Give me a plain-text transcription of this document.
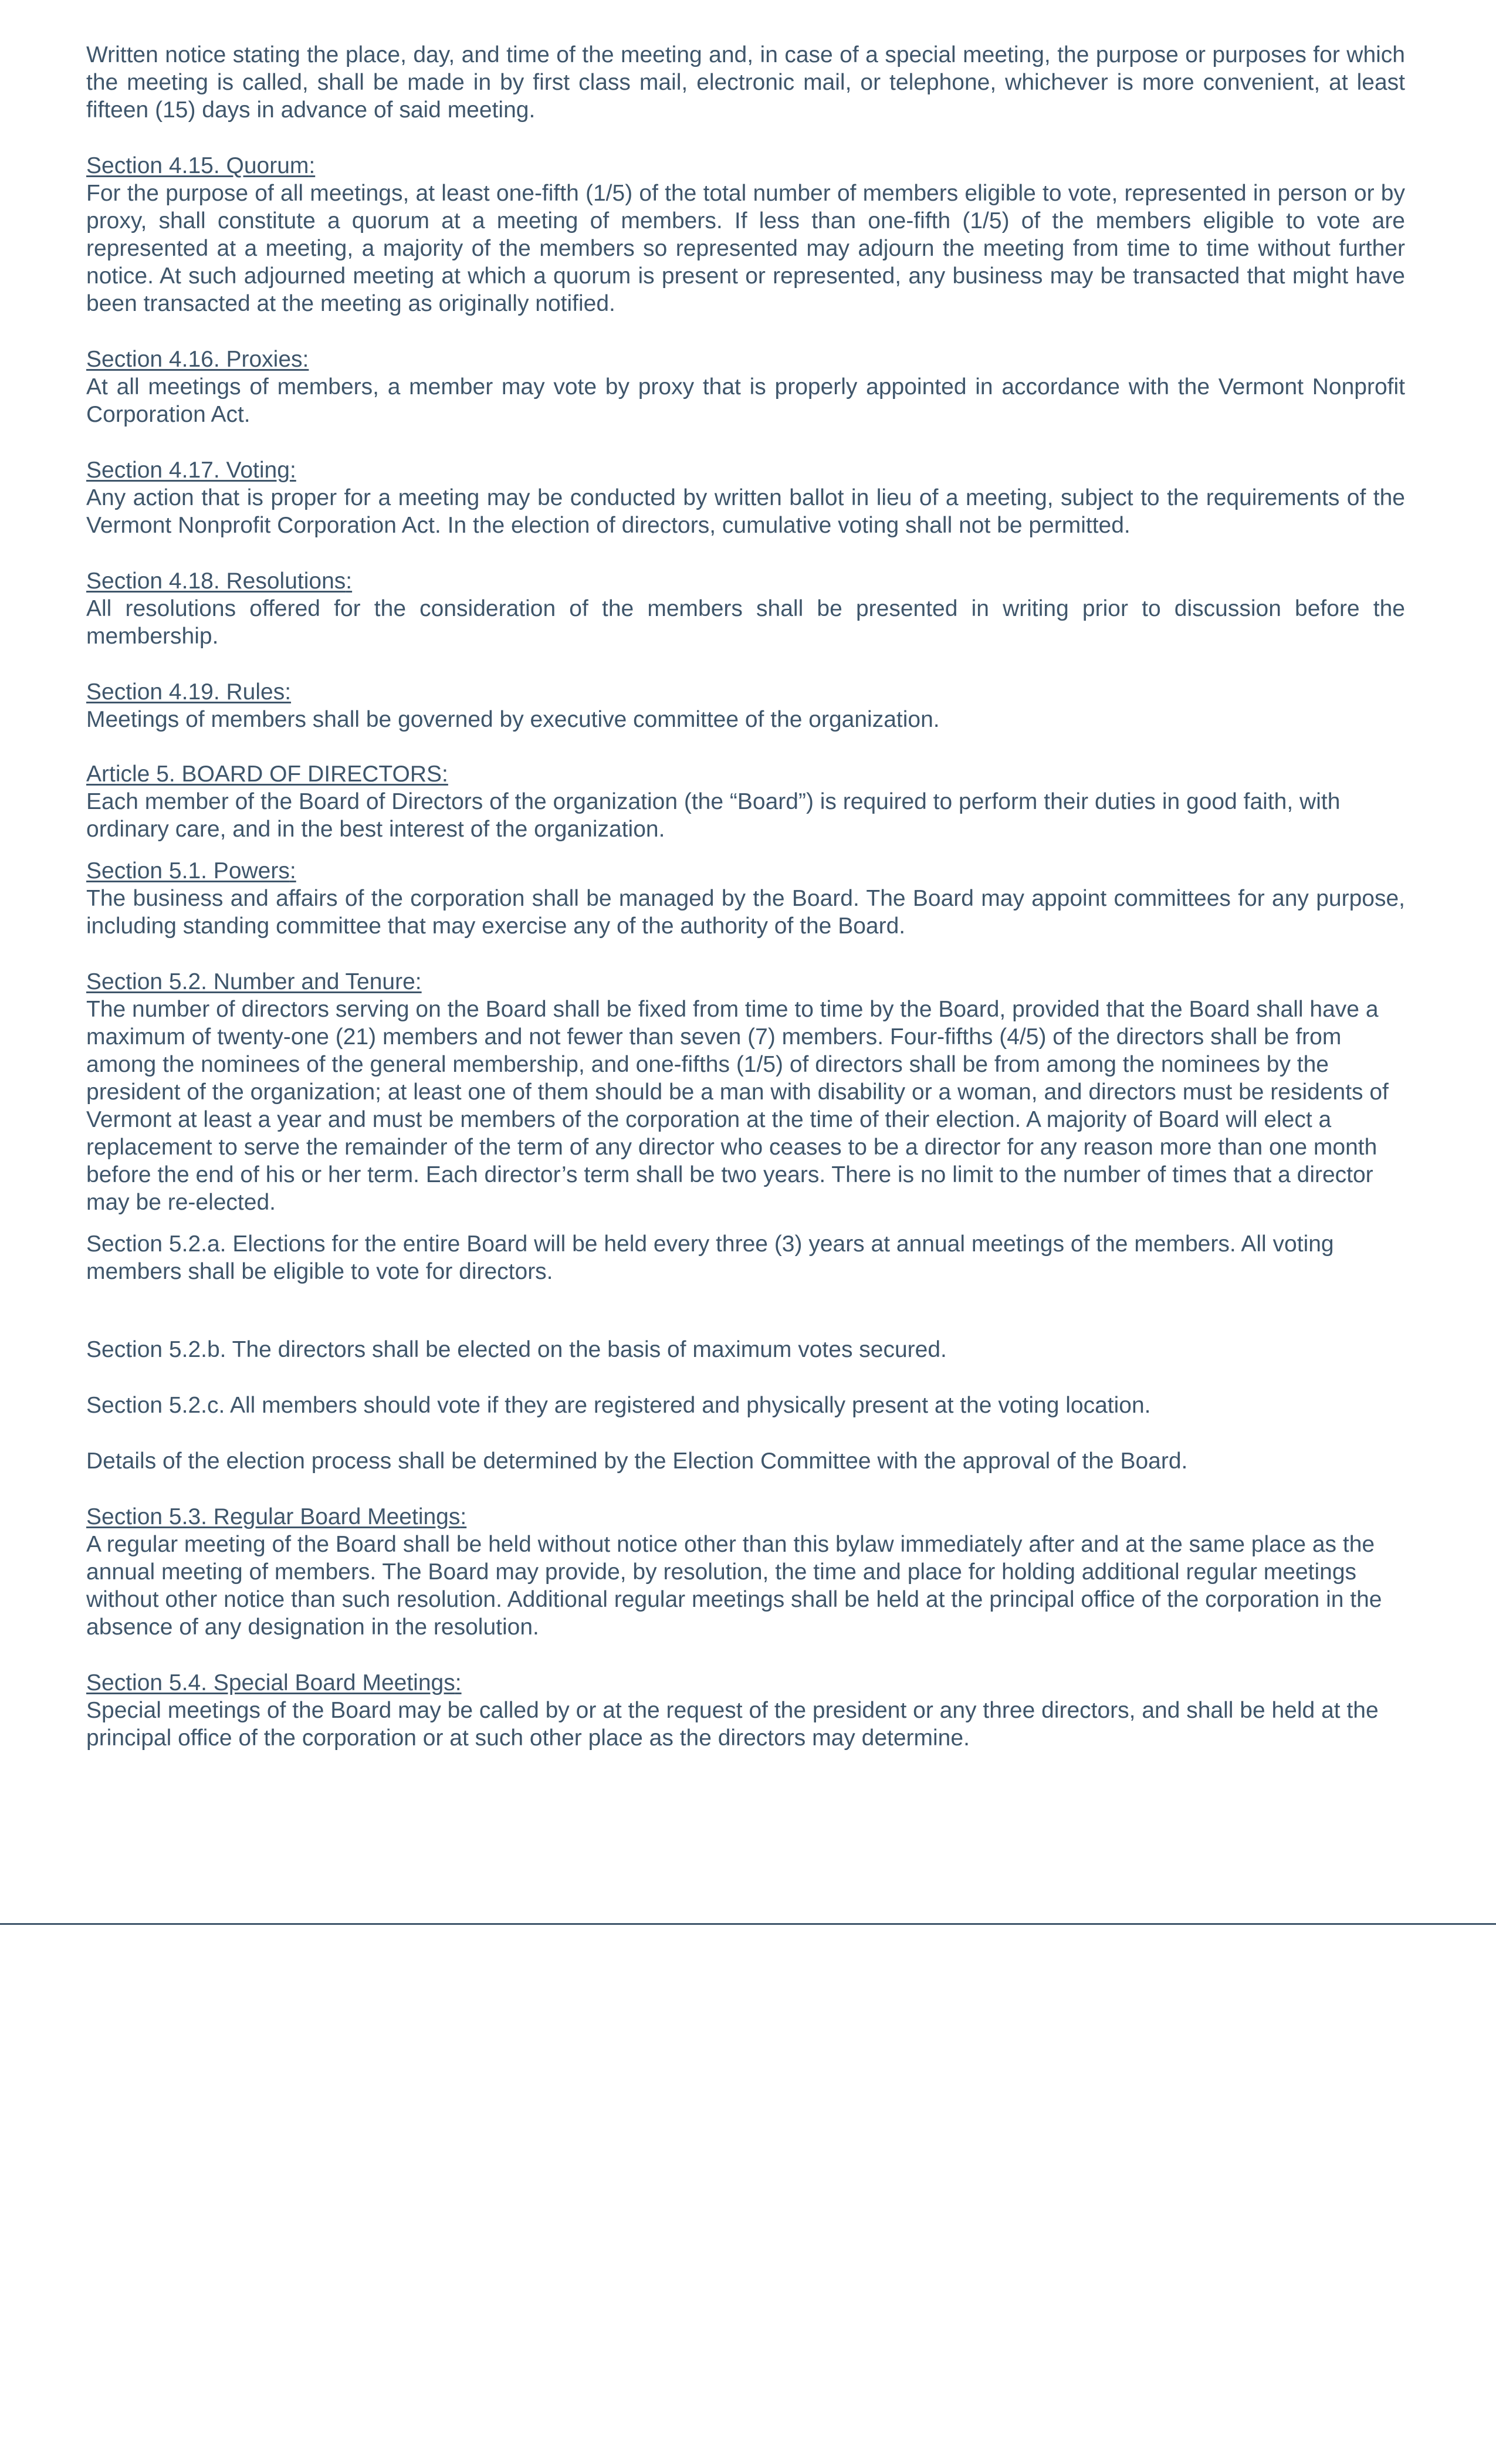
Written notice stating the place, day, and time of the meeting and, in case of a special meeting, the purpose or purposes for which the meeting is called, shall be made in by first class mail, electronic mail, or telephone, whichever is more convenient, at least fifteen (15) days in advance of said meeting.

Section 4.15. Quorum:

For the purpose of all meetings, at least one-fifth (1/5) of the total number of members eligible to vote, represented in person or by proxy, shall constitute a quorum at a meeting of members. If less than one-fifth (1/5) of the members eligible to vote are represented at a meeting, a majority of the members so represented may adjourn the meeting from time to time without further notice. At such adjourned meeting at which a quorum is present or represented, any business may be transacted that might have been transacted at the meeting as originally notified.

Section 4.16. Proxies:

At all meetings of members, a member may vote by proxy that is properly appointed in accordance with the Vermont Nonprofit Corporation Act.

Section 4.17. Voting:

Any action that is proper for a meeting may be conducted by written ballot in lieu of a meeting, subject to the requirements of the Vermont Nonprofit Corporation Act. In the election of directors, cumulative voting shall not be permitted.

Section 4.18. Resolutions:

All resolutions offered for the consideration of the members shall be presented in writing prior to discussion before the membership.

Section 4.19. Rules:

Meetings of members shall be governed by executive committee of the organization.

Article 5. BOARD OF DIRECTORS:

Each member of the Board of Directors of the organization (the “Board”) is required to perform their duties in good faith, with ordinary care, and in the best interest of the organization.

Section 5.1. Powers:

The business and affairs of the corporation shall be managed by the Board. The Board may appoint committees for any purpose, including standing committee that may exercise any of the authority of the Board.

Section 5.2. Number and Tenure:

The number of directors serving on the Board shall be fixed from time to time by the Board, provided that the Board shall have a maximum of twenty-one (21) members and not fewer than seven (7) members. Four-fifths (4/5) of the directors shall be from among the nominees of the general membership, and one-fifths (1/5) of directors shall be from among the nominees by the president of the organization; at least one of them should be a man with disability or a woman, and directors must be residents of Vermont at least a year and must be members of the corporation at the time of their election. A majority of Board will elect a replacement to serve the remainder of the term of any director who ceases to be a director for any reason more than one month before the end of his or her term. Each director’s term shall be two years. There is no limit to the number of times that a director may be re-elected.

Section 5.2.a. Elections for the entire Board will be held every three (3) years at annual meetings of the members. All voting members shall be eligible to vote for directors.

Section 5.2.b. The directors shall be elected on the basis of maximum votes secured.

Section 5.2.c. All members should vote if they are registered and physically present at the voting location.

Details of the election process shall be determined by the Election Committee with the approval of the Board.

Section 5.3. Regular Board Meetings:

A regular meeting of the Board shall be held without notice other than this bylaw immediately after and at the same place as the annual meeting of members. The Board may provide, by resolution, the time and place for holding additional regular meetings without other notice than such resolution. Additional regular meetings shall be held at the principal office of the corporation in the absence of any designation in the resolution.

Section 5.4. Special Board Meetings:

Special meetings of the Board may be called by or at the request of the president or any three directors, and shall be held at the principal office of the corporation or at such other place as the directors may determine.
